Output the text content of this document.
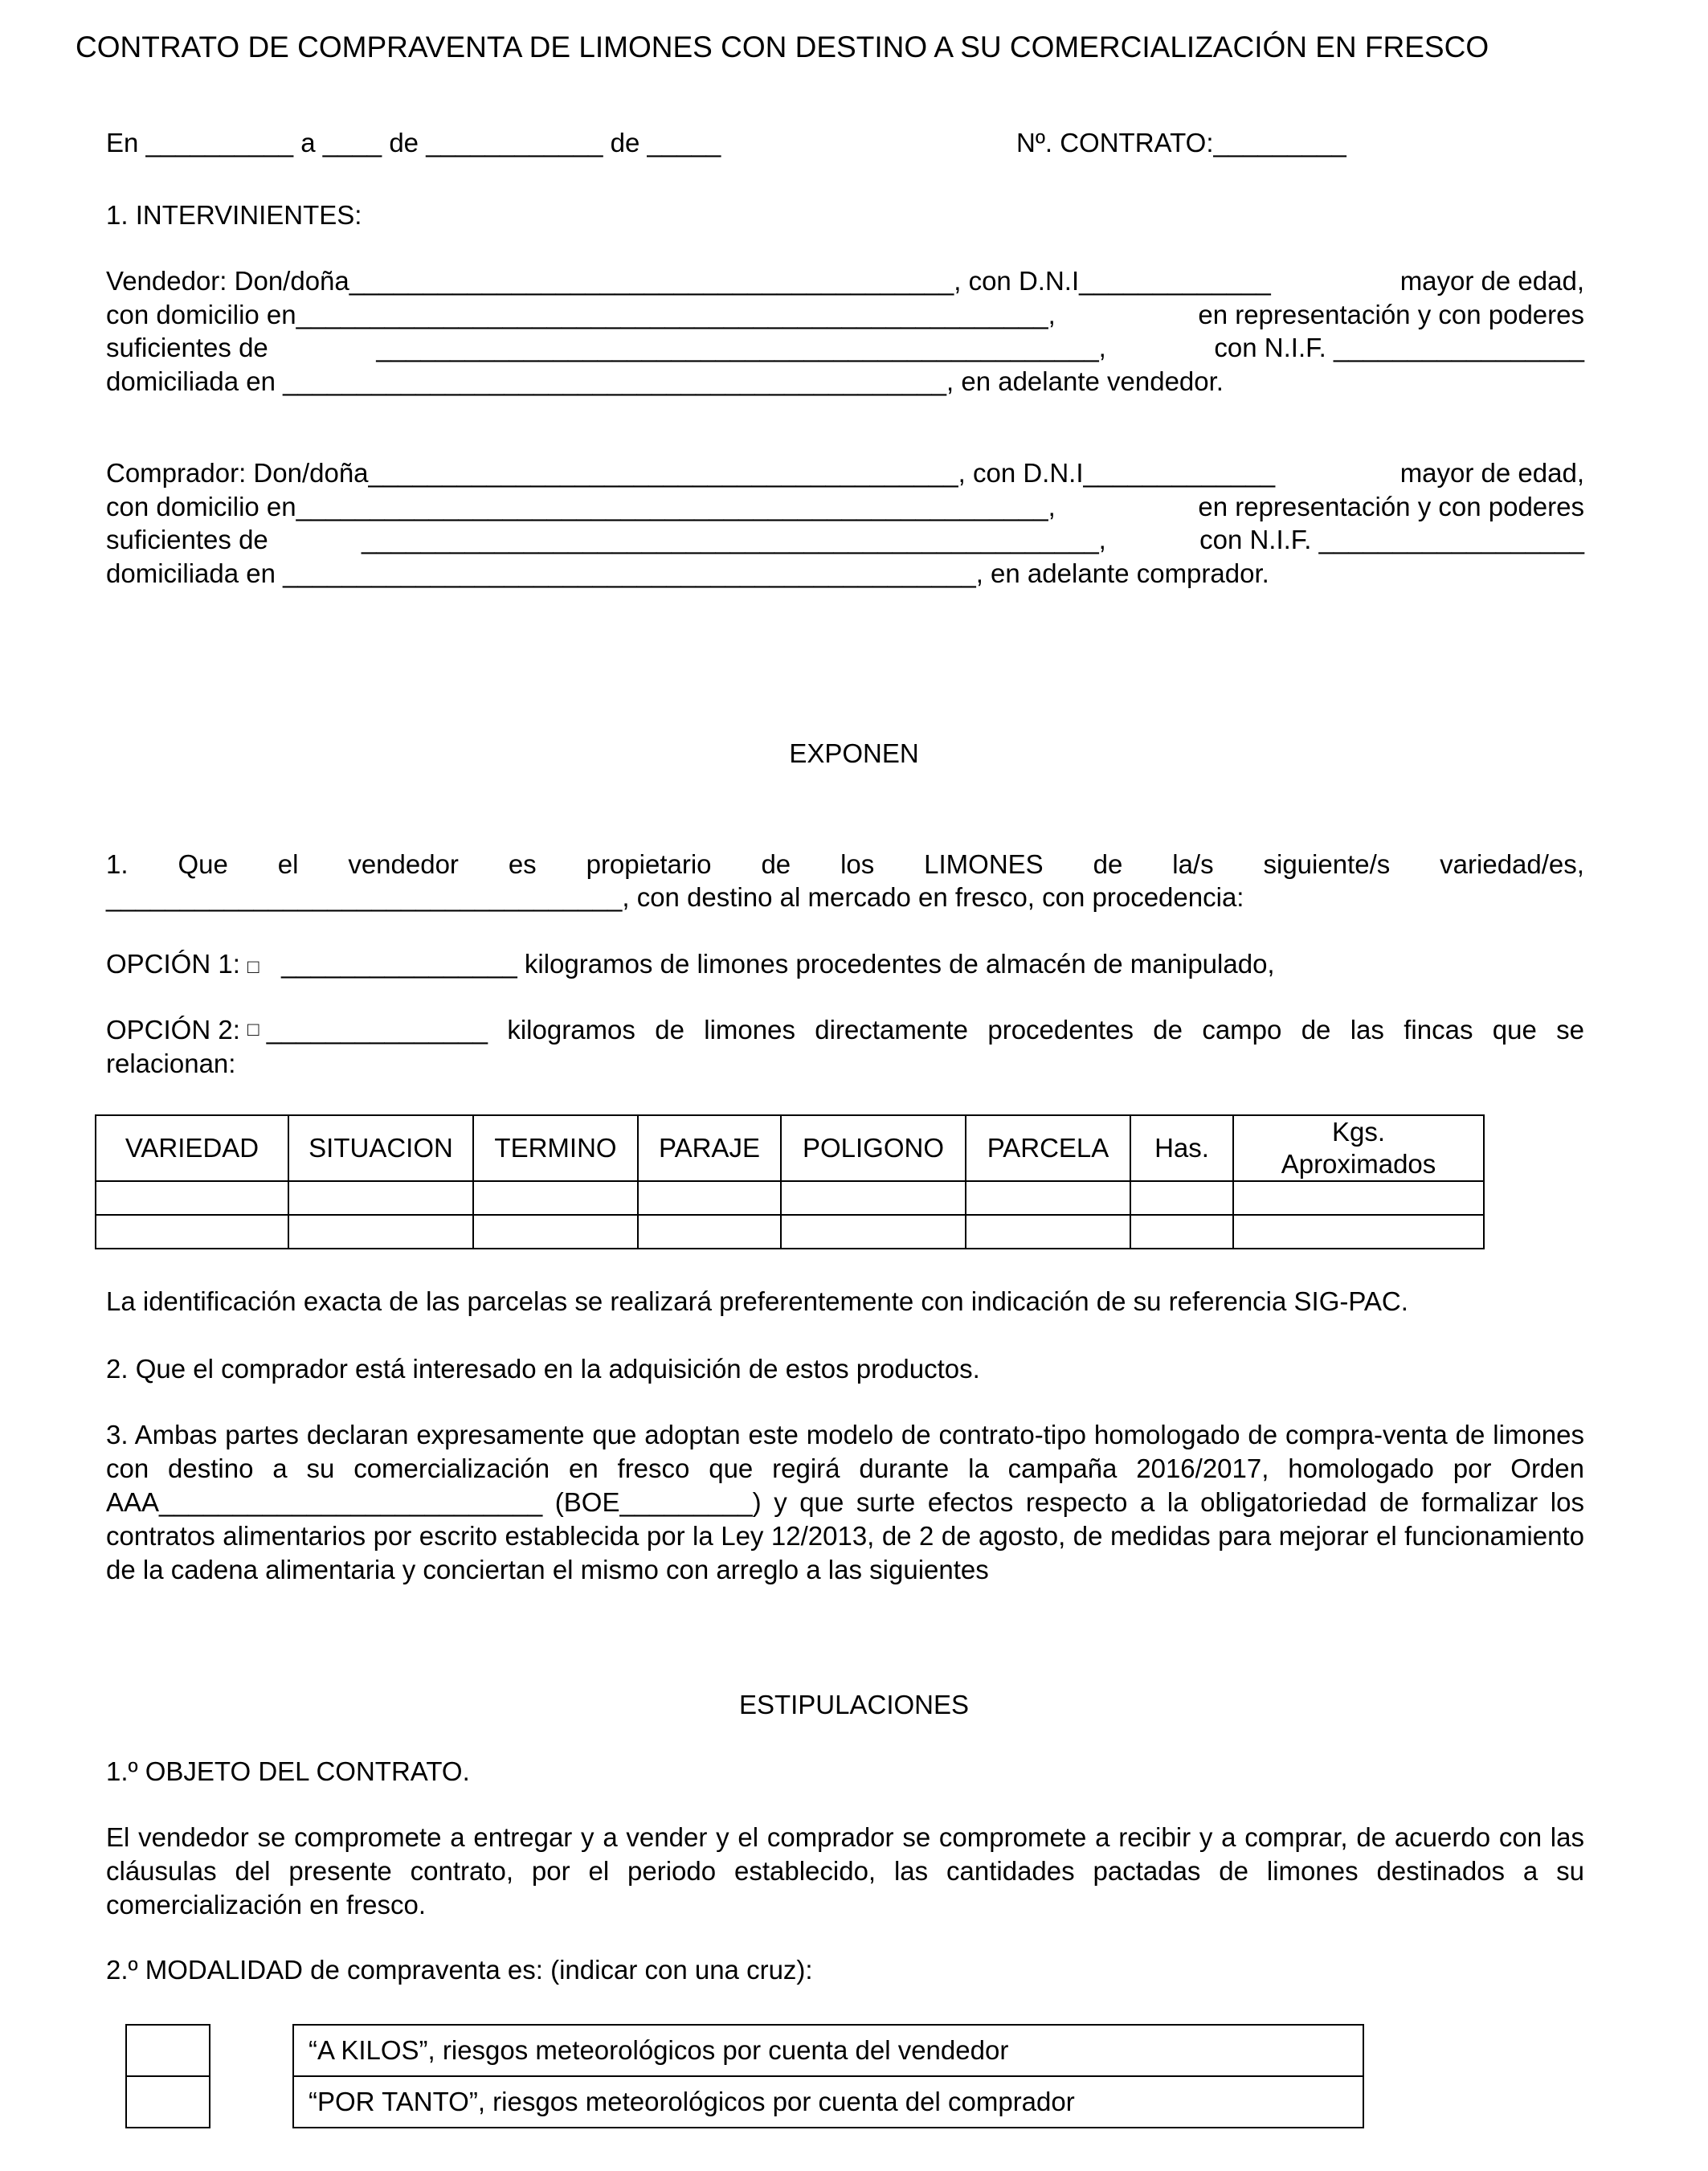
CONTRATO DE COMPRAVENTA DE LIMONES CON DESTINO A SU COMERCIALIZACIÓN EN FRESCO
En __________ a ____ de ____________ de _____	Nº. CONTRATO:_________
1. INTERVINIENTES:
Vendedor: Don/doña_________________________________________, con D.N.I_____________	mayor de edad,
con domicilio en___________________________________________________,	en representación y con poderes
suficientes de	_________________________________________________,	con N.I.F. _________________
domiciliada en _____________________________________________, en adelante vendedor.
Comprador: Don/doña________________________________________, con D.N.I_____________	mayor de edad,
con domicilio en___________________________________________________,	en representación y con poderes
suficientes de	__________________________________________________,	con N.I.F. __________________
domiciliada en _______________________________________________, en adelante comprador.
EXPONEN
1. Que el vendedor es propietario de los LIMONES de la/s siguiente/s variedad/es,
___________________________________, con destino al mercado en fresco, con procedencia:
OPCIÓN 1: □ ________________ kilogramos de limones procedentes de almacén de manipulado,
OPCIÓN 2:
□
_______________ kilogramos de limones directamente procedentes de campo de las fincas que se
relacionan:
VARIEDAD	SITUACION	TERMINO	PARAJE	POLIGONO	PARCELA	Has.	Kgs. Aproximados

La identificación exacta de las parcelas se realizará preferentemente con indicación de su referencia SIG-PAC.
2. Que el comprador está interesado en la adquisición de estos productos.
3. Ambas partes declaran expresamente que adoptan este modelo de contrato-tipo homologado de compra-venta de limones con destino a su comercialización en fresco que regirá durante la campaña 2016/2017, homologado por Orden AAA__________________________ (BOE_________) y que surte efectos respecto a la obligatoriedad de formalizar los contratos alimentarios por escrito establecida por la Ley 12/2013, de 2 de agosto, de medidas para mejorar el funcionamiento de la cadena alimentaria y conciertan el mismo con arreglo a las siguientes
ESTIPULACIONES
1.º OBJETO DEL CONTRATO.
El vendedor se compromete a entregar y a vender y el comprador se compromete a recibir y a comprar, de acuerdo con las cláusulas del presente contrato, por el periodo establecido, las cantidades pactadas de limones destinados a su comercialización en fresco.
2.º MODALIDAD de compraventa es: (indicar con una cruz):

“A KILOS”, riesgos meteorológicos por cuenta del vendedor
“POR TANTO”, riesgos meteorológicos por cuenta del comprador
